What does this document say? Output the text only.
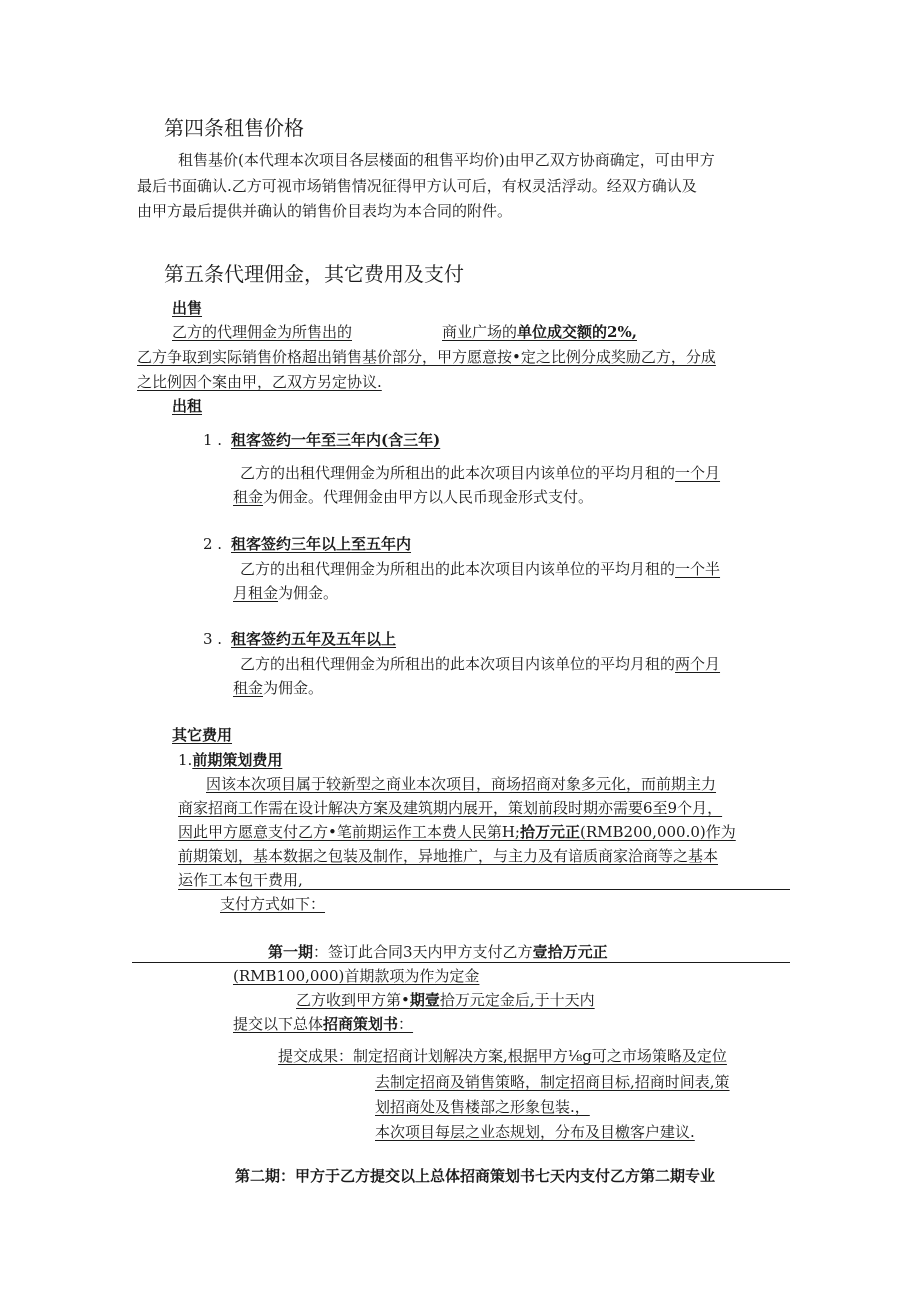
第四条租售价格
租售基价(本代理本次项目各层楼面的租售平均价)由甲乙双方协商确定，可由甲方
最后书面确认.乙方可视市场销售情况征得甲方认可后，有权灵活浮动。经双方确认及
由甲方最后提供并确认的销售价目表均为本合同的附件。
第五条代理佣金，其它费用及支付
出售
乙方的代理佣金为所售出的	商业广场的单位成交额的2%,
乙方争取到实际销售价格超出销售基价部分，甲方愿意按•定之比例分成奖励乙方，分成
之比例因个案由甲，乙双方另定协议.
出租
1 . 租客签约一年至三年内(含三年)
乙方的出租代理佣金为所租出的此本次项目内该单位的平均月租的一个月
租金为佣金。代理佣金由甲方以人民币现金形式支付。
2 . 租客签约三年以上至五年内
乙方的出租代理佣金为所租出的此本次项目内该单位的平均月租的一个半
月租金为佣金。
3 . 租客签约五年及五年以上
乙方的出租代理佣金为所租出的此本次项目内该单位的平均月租的两个月
租金为佣金。
其它费用
1.前期策划费用
因该本次项目属于较新型之商业本次项目，商场招商对象多元化，而前期主力
商家招商工作需在设计解决方案及建筑期内展开，策划前段时期亦需要6至9个月，
因此甲方愿意支付乙方•笔前期运作工本费人民第H;拾万元正(RMB200,000.0)作为
前期策划，基本数据之包装及制作，异地推广，与主力及有谙质商家洽商等之基本
运作工本包干费用,
支付方式如下：
第一期：签订此合同3天内甲方支付乙方壹拾万元正
(RMB100,000)首期款项为作为定金
乙方收到甲方第•期壹拾万元定金后,于十天内
提交以下总体招商策划书：
提交成果：制定招商计划解决方案,根据甲方⅛g可之市场策略及定位
去制定招商及销售策略，制定招商目标,招商时间表,策
划招商处及售楼部之形象包装.，
本次项目每层之业态规划，分布及目檄客户建议.
第二期：甲方于乙方提交以上总体招商策划书七天内支付乙方第二期专业
